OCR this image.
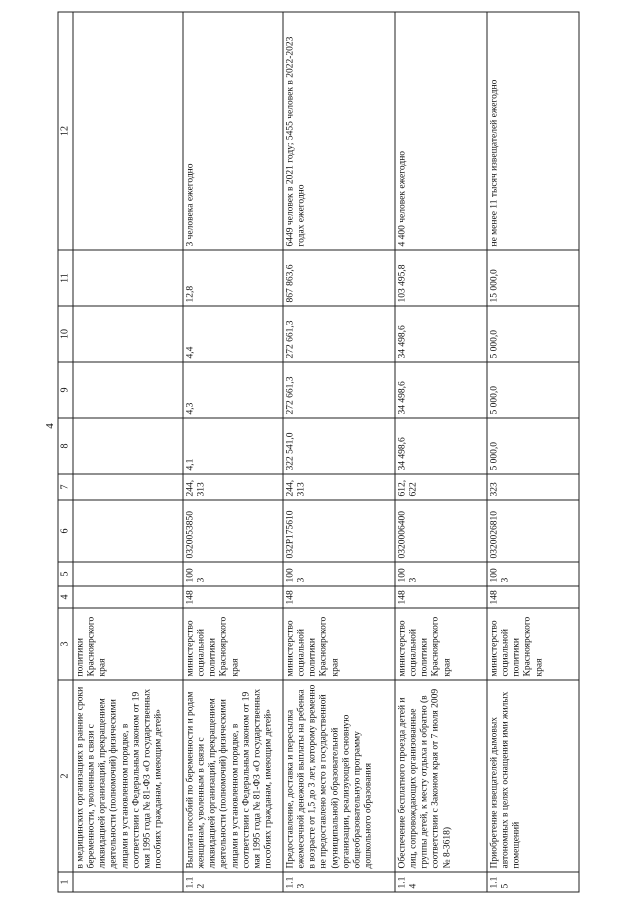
4
1	2	3	4	5	6	7	8	9	10	11	12
	в медицинских организациях в ранние сроки беременности, уволенным в связи с ликвидацией организаций, прекращением деятельности (полномочий) физическими лицами в установленном порядке, в соответствии с Федеральным законом от 19 мая 1995 года № 81-ФЗ «О государственных пособиях гражданам, имеющим детей»	политики Красноярского края									
1.12	Выплата пособий по беременности и родам женщинам, уволенным в связи с ликвидацией организаций, прекращением деятельности (полномочий) физическими лицами в установленном порядке, в соответствии с Федеральным законом от 19 мая 1995 года № 81-ФЗ «О государственных пособиях гражданам, имеющим детей»	министерство социальной политики Красноярского края	148	1003	0320053850	244, 313	4,1	4,3	4,4	12,8	3 человека ежегодно
1.13	Предоставление, доставка и пересылка ежемесячной денежной выплаты на ребенка в возрасте от 1,5 до 3 лет, которому временно не предоставлено место в государственной (муниципальной) образовательной организации, реализующей основную общеобразовательную программу дошкольного образования	министерство социальной политики Красноярского края	148	1003	032P175610	244, 313	322 541,0	272 661,3	272 661,3	867 863,6	6449 человек в 2021 году; 5455 человек в 2022-2023 годах ежегодно
1.14	Обеспечение бесплатного проезда детей и лиц, сопровождающих организованные группы детей, к месту отдыха и обратно (в соответствии с Законом края от 7 июля 2009 № 8-3618)	министерство социальной политики Красноярского края	148	1003	0320006400	612, 622	34 498,6	34 498,6	34 498,6	103 495,8	4 400 человек ежегодно
1.15	Приобретение извещателей дымовых автономных в целях оснащения ими жилых помещений	министерство социальной политики Красноярского края	148	1003	0320026810	323	5 000,0	5 000,0	5 000,0	15 000,0	не менее 11 тысяч извещателей ежегодно
